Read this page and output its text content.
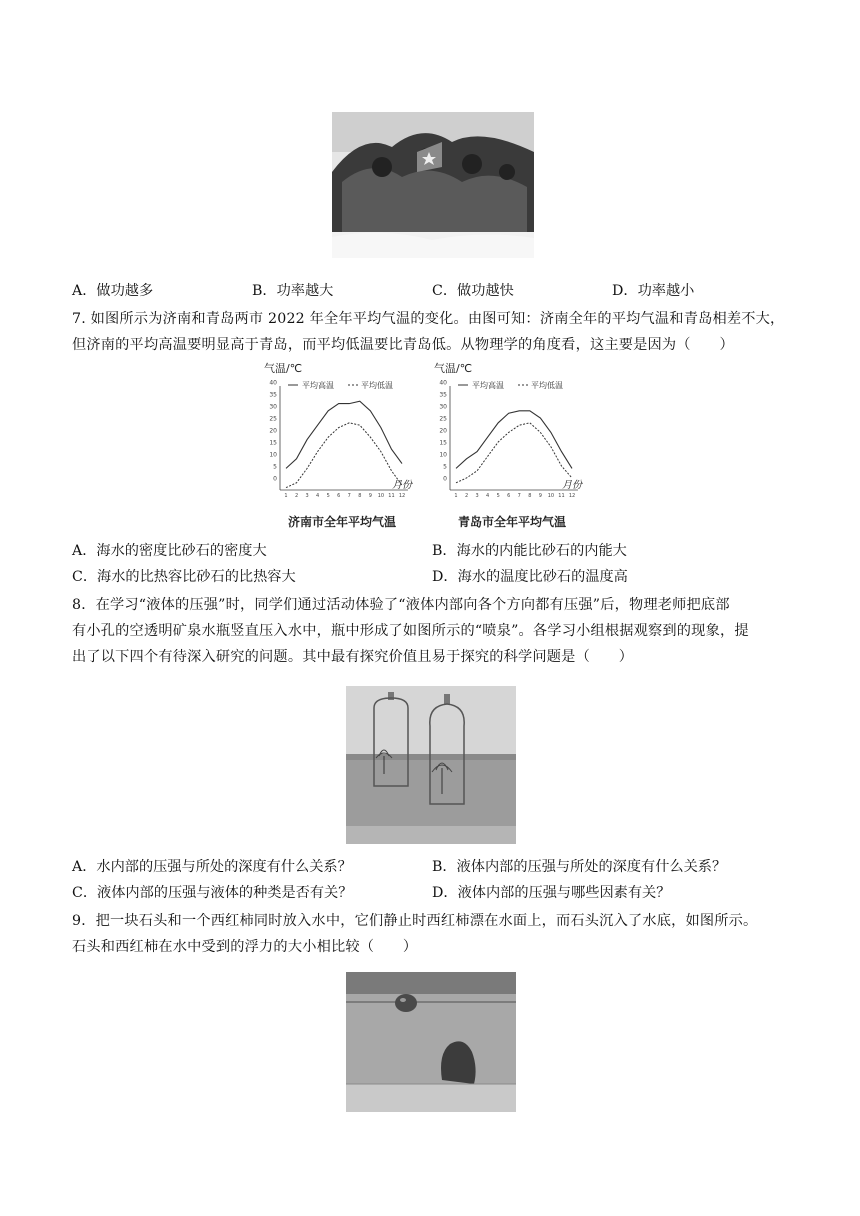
A．做功越多	B．功率越大	C．做功越快	D．功率越小
7. 如图所示为济南和青岛两市 2022 年全年平均气温的变化。由图可知：济南全年的平均气温和青岛相差不大，
但济南的平均高温要明显高于青岛，而平均低温要比青岛低。从物理学的角度看，这主要是因为（　　）
气温/℃
平均高温	平均低温
0
5
10
15
20
25
30
35
40
1 2 3 4 5 6 7 8 9 10 11 12
月份
济南市全年平均气温
气温/℃
平均高温	平均低温
0
5
10
15
20
25
30
35
40
1 2 3 4 5 6 7 8 9 10 11 12
月份
青岛市全年平均气温
A．海水的密度比砂石的密度大	B．海水的内能比砂石的内能大
C．海水的比热容比砂石的比热容大	D．海水的温度比砂石的温度高
8．在学习“液体的压强”时，同学们通过活动体验了“液体内部向各个方向都有压强”后，物理老师把底部
有小孔的空透明矿泉水瓶竖直压入水中，瓶中形成了如图所示的“喷泉”。各学习小组根据观察到的现象，提
出了以下四个有待深入研究的问题。其中最有探究价值且易于探究的科学问题是（　　）
A．水内部的压强与所处的深度有什么关系？	B．液体内部的压强与所处的深度有什么关系？
C．液体内部的压强与液体的种类是否有关？	D．液体内部的压强与哪些因素有关？
9．把一块石头和一个西红柿同时放入水中，它们静止时西红柿漂在水面上，而石头沉入了水底，如图所示。
石头和西红柿在水中受到的浮力的大小相比较（　　）
